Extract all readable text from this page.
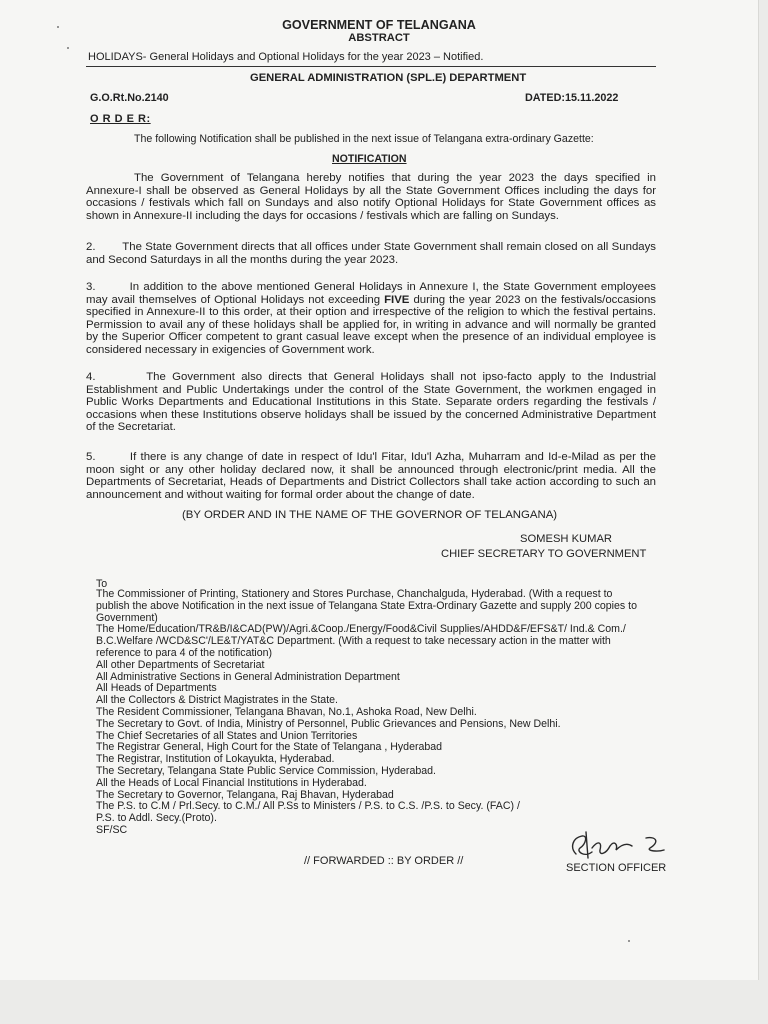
GOVERNMENT OF TELANGANA
ABSTRACT
HOLIDAYS- General Holidays and Optional Holidays for the year 2023 – Notified.
GENERAL ADMINISTRATION (SPL.E) DEPARTMENT
G.O.Rt.No.2140	DATED:15.11.2022
O R D E R:
The following Notification shall be published in the next issue of Telangana extra-ordinary Gazette:
NOTIFICATION
The Government of Telangana hereby notifies that during the year 2023 the days specified in Annexure-I shall be observed as General Holidays by all the State Government Offices including the days for occasions / festivals which fall on Sundays and also notify Optional Holidays for State Government offices as shown in Annexure-II including the days for occasions / festivals which are falling on Sundays.
2. The State Government directs that all offices under State Government shall remain closed on all Sundays and Second Saturdays in all the months during the year 2023.
3.	In addition to the above mentioned General Holidays in Annexure I, the State Government employees may avail themselves of Optional Holidays not exceeding FIVE during the year 2023 on the festivals/occasions specified in Annexure-II to this order, at their option and irrespective of the religion to which the festival pertains. Permission to avail any of these holidays shall be applied for, in writing in advance and will normally be granted by the Superior Officer competent to grant casual leave except when the presence of an individual employee is considered necessary in exigencies of Government work.
4.	The Government also directs that General Holidays shall not ipso-facto apply to the Industrial Establishment and Public Undertakings under the control of the State Government, the workmen engaged in Public Works Departments and Educational Institutions in this State. Separate orders regarding the festivals / occasions when these Institutions observe holidays shall be issued by the concerned Administrative Department of the Secretariat.
5.	If there is any change of date in respect of Idu'l Fitar, Idu'l Azha, Muharram and Id-e-Milad as per the moon sight or any other holiday declared now, it shall be announced through electronic/print media. All the Departments of Secretariat, Heads of Departments and District Collectors shall take action according to such an announcement and without waiting for formal order about the change of date.
(BY ORDER AND IN THE NAME OF THE GOVERNOR OF TELANGANA)
SOMESH KUMAR
CHIEF SECRETARY TO GOVERNMENT
To
The Commissioner of Printing, Stationery and Stores Purchase, Chanchalguda, Hyderabad. (With a request to
publish the above Notification in the next issue of Telangana State Extra-Ordinary Gazette and supply 200 copies to
Government)
The Home/Education/TR&B/I&CAD(PW)/Agri.&Coop./Energy/Food&Civil Supplies/AHDD&F/EFS&T/ Ind.& Com./
B.C.Welfare /WCD&SC'/LE&T/YAT&C Department. (With a request to take necessary action in the matter with
reference to para 4 of the notification)
All other Departments of Secretariat
All Administrative Sections in General Administration Department
All Heads of Departments
All the Collectors & District Magistrates in the State.
The Resident Commissioner, Telangana Bhavan, No.1, Ashoka Road, New Delhi.
The Secretary to Govt. of India, Ministry of Personnel, Public Grievances and Pensions, New Delhi.
The Chief Secretaries of all States and Union Territories
The Registrar General, High Court for the State of Telangana , Hyderabad
The Registrar, Institution of Lokayukta, Hyderabad.
The Secretary, Telangana State Public Service Commission, Hyderabad.
All the Heads of Local Financial Institutions in Hyderabad.
The Secretary to Governor, Telangana, Raj Bhavan, Hyderabad
The P.S. to C.M / Prl.Secy. to C.M./ All P.Ss to Ministers / P.S. to C.S. /P.S. to Secy. (FAC) /
P.S. to Addl. Secy.(Proto).
SF/SC
// FORWARDED :: BY ORDER //
SECTION OFFICER
